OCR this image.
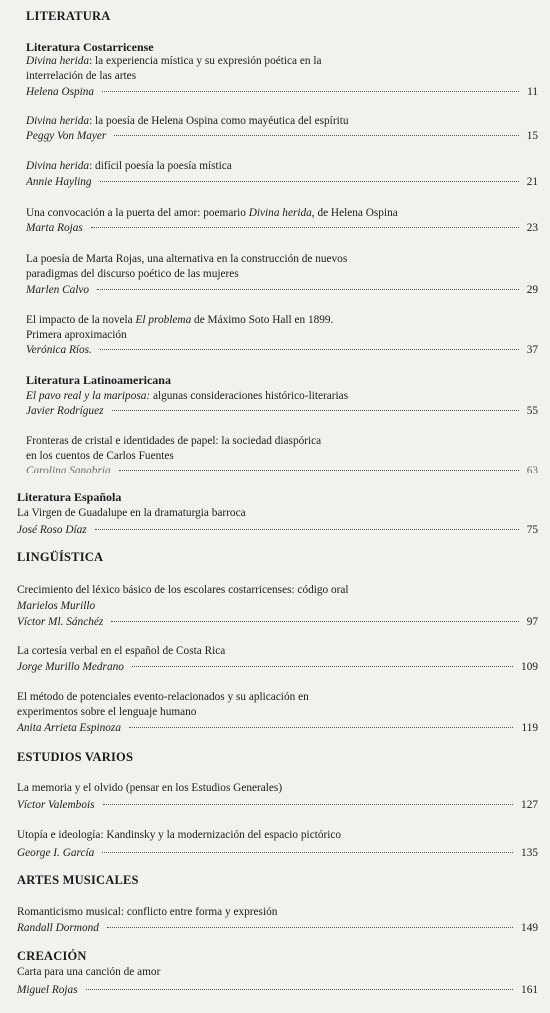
LITERATURA
Literatura Costarricense
Divina herida: la experiencia mística y su expresión poética en la
interrelación de las artes
Helena Ospina	11
Divina herida: la poesía de Helena Ospina como mayéutica del espíritu
Peggy Von Mayer	15
Divina herida: difícil poesía la poesía mística
Annie Hayling	21
Una convocación a la puerta del amor: poemario Divina herida, de Helena Ospina
Marta Rojas	23
La poesía de Marta Rojas, una alternativa en la construcción de nuevos
paradigmas del discurso poético de las mujeres
Marlen Calvo	29
El impacto de la novela El problema de Máximo Soto Hall en 1899.
Primera aproximación
Verónica Ríos.	37
Literatura Latinoamericana
El pavo real y la mariposa: algunas consideraciones histórico-literarias
Javier Rodríguez	55
Fronteras de cristal e identidades de papel: la sociedad diaspórica
en los cuentos de Carlos Fuentes
Carolina Sanabria	63
Literatura Española
La Virgen de Guadalupe en la dramaturgia barroca
José Roso Díaz	75
LINGÜÍSTICA
Crecimiento del léxico básico de los escolares costarricenses: código oral
Marielos Murillo
Víctor Ml. Sánchéz	97
La cortesía verbal en el español de Costa Rica
Jorge Murillo Medrano	109
El método de potenciales evento-relacionados y su aplicación en
experimentos sobre el lenguaje humano
Anita Arrieta Espinoza	119
ESTUDIOS VARIOS
La memoria y el olvido (pensar en los Estudios Generales)
Víctor Valembois	127
Utopía e ideología: Kandinsky y la modernización del espacio pictórico
George I. García	135
ARTES MUSICALES
Romanticismo musical: conflicto entre forma y expresión
Randall Dormond	149
CREACIÓN
Carta para una canción de amor
Miguel Rojas	161
